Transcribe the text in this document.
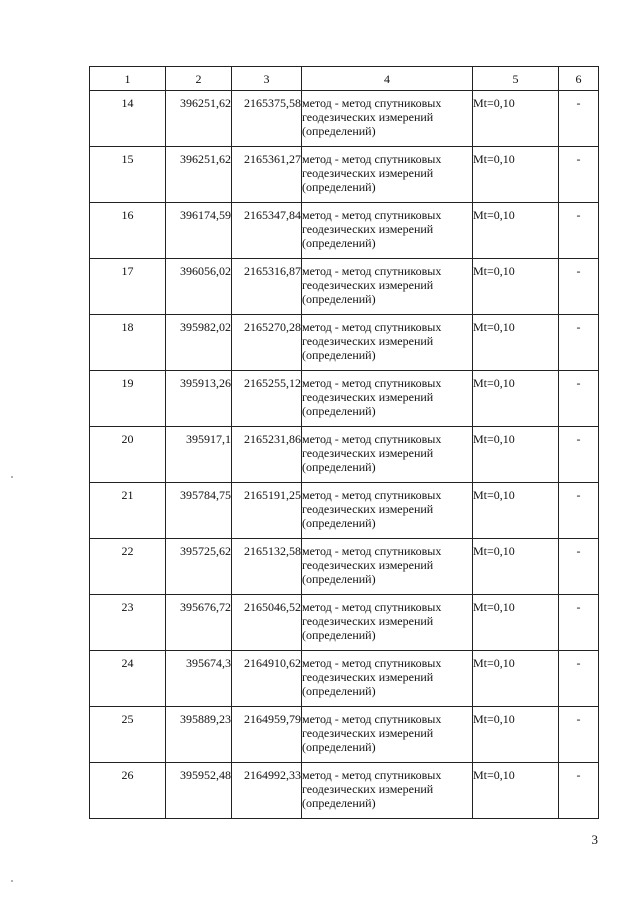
1	2	3	4	5	6
14	396251,62	2165375,58	метод - метод спутниковых геодезических измерений (определений)	Mt=0,10	-
15	396251,62	2165361,27	метод - метод спутниковых геодезических измерений (определений)	Mt=0,10	-
16	396174,59	2165347,84	метод - метод спутниковых геодезических измерений (определений)	Mt=0,10	-
17	396056,02	2165316,87	метод - метод спутниковых геодезических измерений (определений)	Mt=0,10	-
18	395982,02	2165270,28	метод - метод спутниковых геодезических измерений (определений)	Mt=0,10	-
19	395913,26	2165255,12	метод - метод спутниковых геодезических измерений (определений)	Mt=0,10	-
20	395917,1	2165231,86	метод - метод спутниковых геодезических измерений (определений)	Mt=0,10	-
21	395784,75	2165191,25	метод - метод спутниковых геодезических измерений (определений)	Mt=0,10	-
22	395725,62	2165132,58	метод - метод спутниковых геодезических измерений (определений)	Mt=0,10	-
23	395676,72	2165046,52	метод - метод спутниковых геодезических измерений (определений)	Mt=0,10	-
24	395674,3	2164910,62	метод - метод спутниковых геодезических измерений (определений)	Mt=0,10	-
25	395889,23	2164959,79	метод - метод спутниковых геодезических измерений (определений)	Mt=0,10	-
26	395952,48	2164992,33	метод - метод спутниковых геодезических измерений (определений)	Mt=0,10	-
3
